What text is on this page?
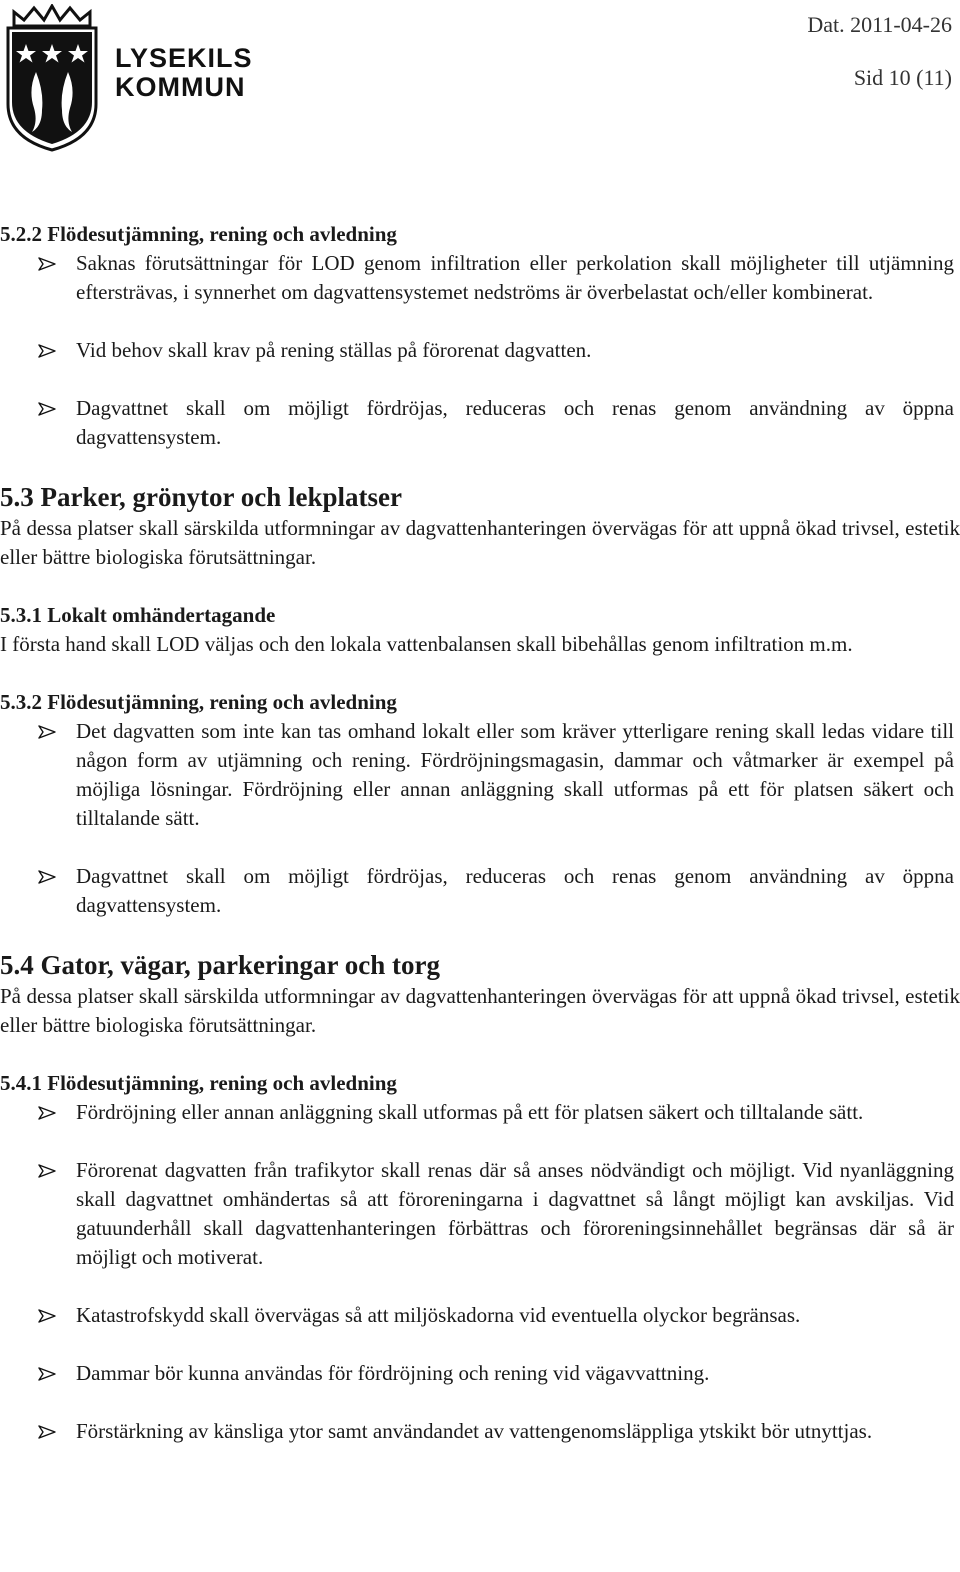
LYSEKILS
KOMMUN
Dat. 2011-04-26
Sid 10 (11)
5.2.2 Flödesutjämning, rening och avledning
Saknas förutsättningar för LOD genom infiltration eller perkolation skall möjligheter till utjämning eftersträvas, i synnerhet om dagvattensystemet nedströms är överbelastat och/eller kombinerat.
Vid behov skall krav på rening ställas på förorenat dagvatten.
Dagvattnet skall om möjligt fördröjas, reduceras och renas genom användning av öppna dagvattensystem.
5.3 Parker, grönytor och lekplatser

På dessa platser skall särskilda utformningar av dagvattenhanteringen övervägas för att uppnå ökad trivsel, estetik eller bättre biologiska förutsättningar.

5.3.1 Lokalt omhändertagande

I första hand skall LOD väljas och den lokala vattenbalansen skall bibehållas genom infiltration m.m.

5.3.2 Flödesutjämning, rening och avledning
Det dagvatten som inte kan tas omhand lokalt eller som kräver ytterligare rening skall ledas vidare till någon form av utjämning och rening. Fördröjningsmagasin, dammar och våtmarker är exempel på möjliga lösningar. Fördröjning eller annan anläggning skall utformas på ett för platsen säkert och tilltalande sätt.
Dagvattnet skall om möjligt fördröjas, reduceras och renas genom användning av öppna dagvattensystem.
5.4 Gator, vägar, parkeringar och torg

På dessa platser skall särskilda utformningar av dagvattenhanteringen övervägas för att uppnå ökad trivsel, estetik eller bättre biologiska förutsättningar.

5.4.1 Flödesutjämning, rening och avledning
Fördröjning eller annan anläggning skall utformas på ett för platsen säkert och tilltalande sätt.
Förorenat dagvatten från trafikytor skall renas där så anses nödvändigt och möjligt. Vid nyanläggning skall dagvattnet omhändertas så att föroreningarna i dagvattnet så långt möjligt kan avskiljas. Vid gatuunderhåll skall dagvattenhanteringen förbättras och föroreningsinnehållet begränsas där så är möjligt och motiverat.
Katastrofskydd skall övervägas så att miljöskadorna vid eventuella olyckor begränsas.
Dammar bör kunna användas för fördröjning och rening vid vägavvattning.
Förstärkning av känsliga ytor samt användandet av vattengenomsläppliga ytskikt bör utnyttjas.
